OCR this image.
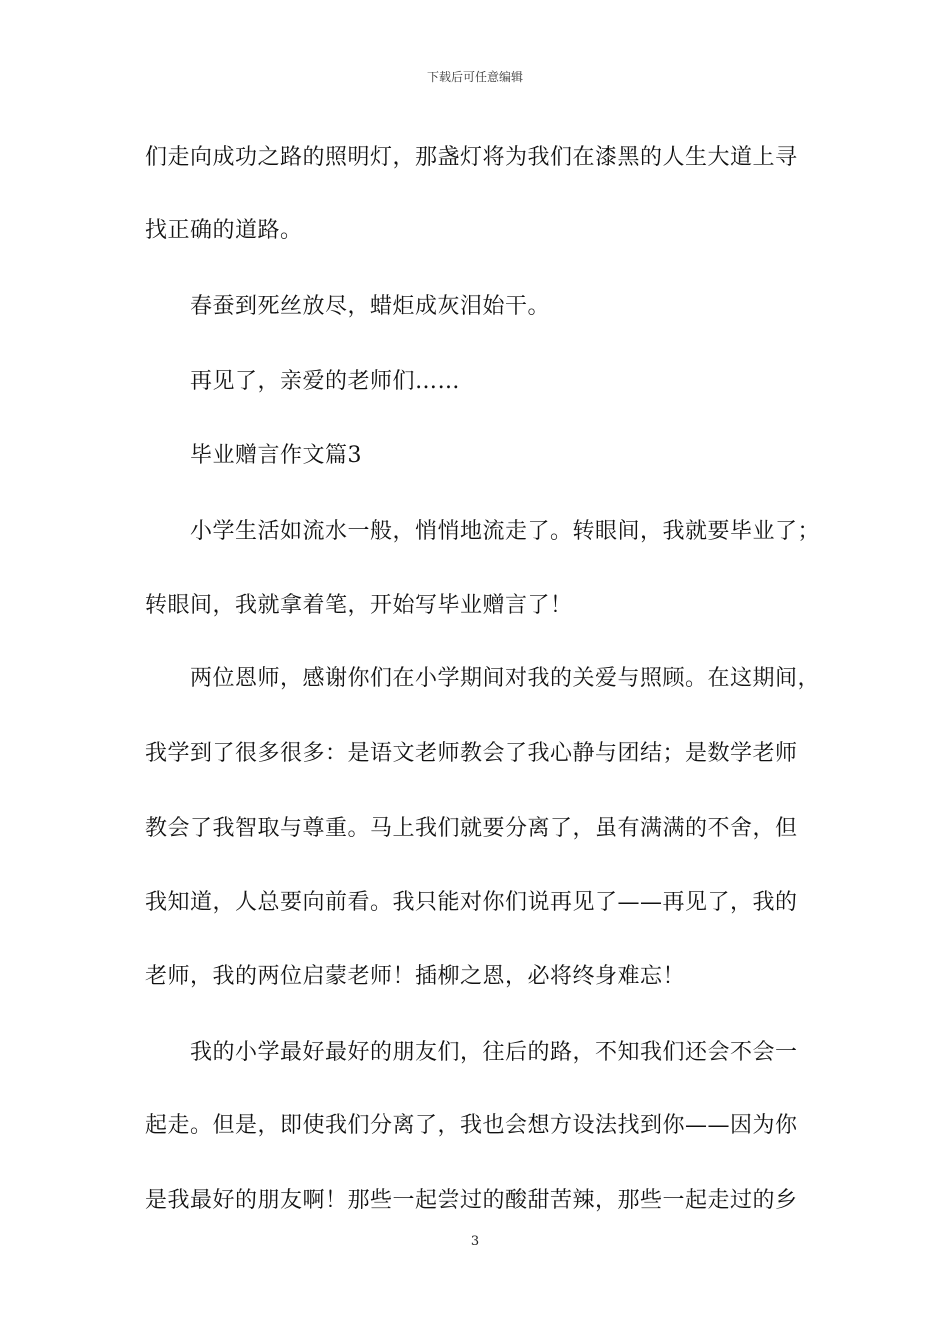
下载后可任意编辑
们走向成功之路的照明灯，那盏灯将为我们在漆黑的人生大道上寻
找正确的道路。
春蚕到死丝放尽，蜡炬成灰泪始干。
再见了，亲爱的老师们……
毕业赠言作文篇3
小学生活如流水一般，悄悄地流走了。转眼间，我就要毕业了；
转眼间，我就拿着笔，开始写毕业赠言了！
两位恩师，感谢你们在小学期间对我的关爱与照顾。在这期间，
我学到了很多很多：是语文老师教会了我心静与团结；是数学老师
教会了我智取与尊重。马上我们就要分离了，虽有满满的不舍，但
我知道，人总要向前看。我只能对你们说再见了——再见了，我的
老师，我的两位启蒙老师！插柳之恩，必将终身难忘！
我的小学最好最好的朋友们，往后的路，不知我们还会不会一
起走。但是，即使我们分离了，我也会想方设法找到你——因为你
是我最好的朋友啊！那些一起尝过的酸甜苦辣，那些一起走过的乡
3
